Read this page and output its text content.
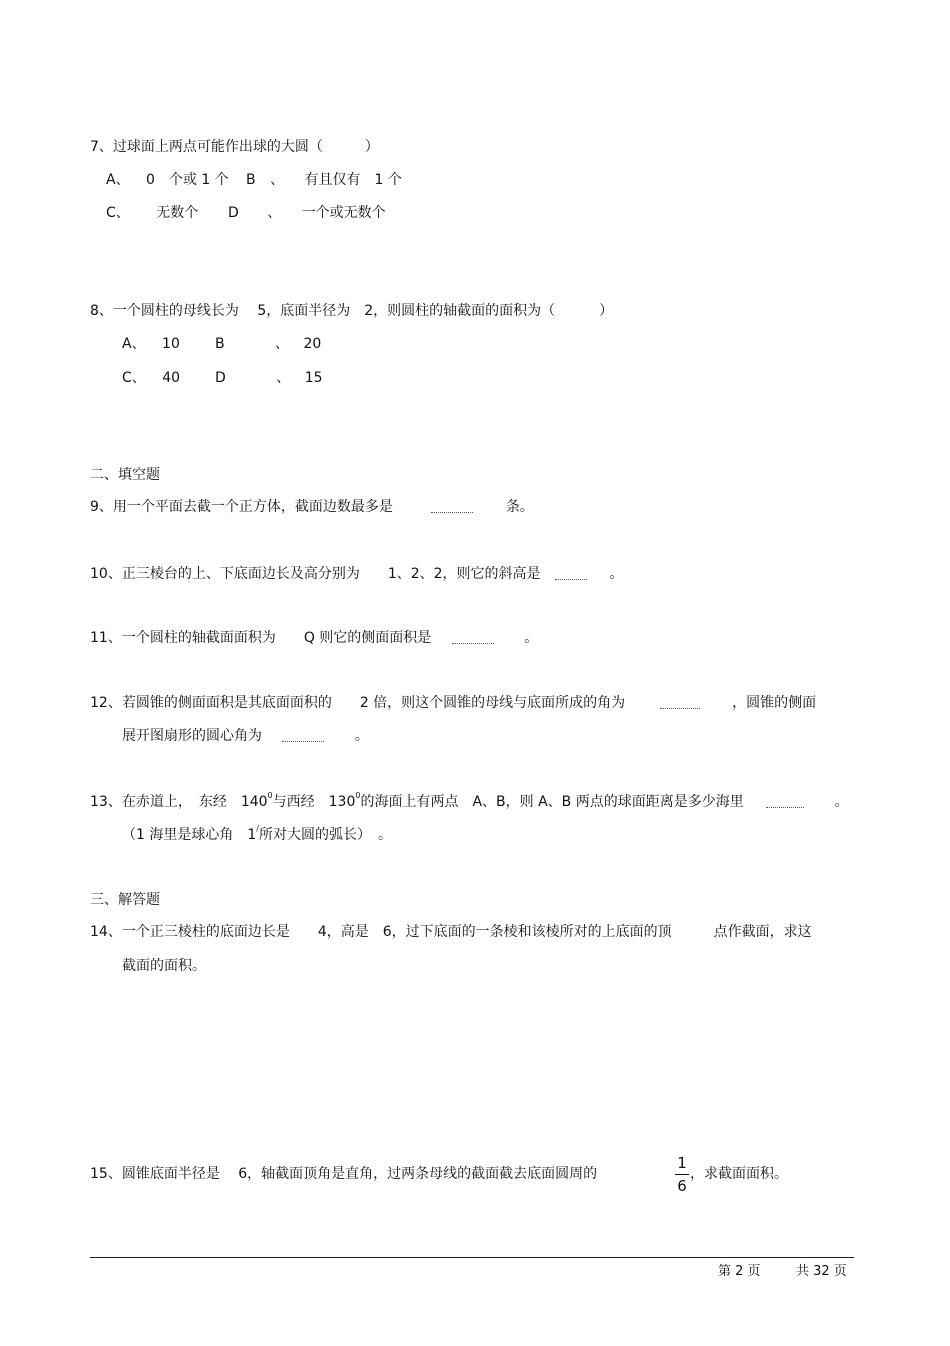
7、过球面上两点可能作出球的大圆（	）
A、 0　个或 1 个 B 、 有且仅有　1 个
C、 无数个 D 、 一个或无数个
8、一个圆柱的母线长为　 5，底面半径为　2，则圆柱的轴截面的面积为（	）
A、 10	B	、 20
C、 40 D	、 15
二、填空题
9、用一个平面去截一个正方体，截面边数最多是	条。
10、正三棱台的上、下底面边长及高分别为　　1、2、2，则它的斜高是	。
11、一个圆柱的轴截面面积为　　Q 则它的侧面面积是	。
12、若圆锥的侧面面积是其底面面积的　　2 倍，则这个圆锥的母线与底面所成的角为	，圆锥的侧面
展开图扇形的圆心角为	。
13、在赤道上，　东经　$140^0$与西经　$130^0$的海面上有两点　A、B，则 A、B 两点的球面距离是多少海里	。
（1 海里是球心角　1/所对大圆的弧长）　。
三、解答题
14、一个正三棱柱的底面边长是　　4，高是　6，过下底面的一条棱和该棱所对的上底面的顶　　　点作截面，求这
截面的面积。
15、圆锥底面半径是　 6，轴截面顶角是直角，过两条母线的截面截去底面圆周的
1
6
，求截面面积。
第 2 页	共 32 页
